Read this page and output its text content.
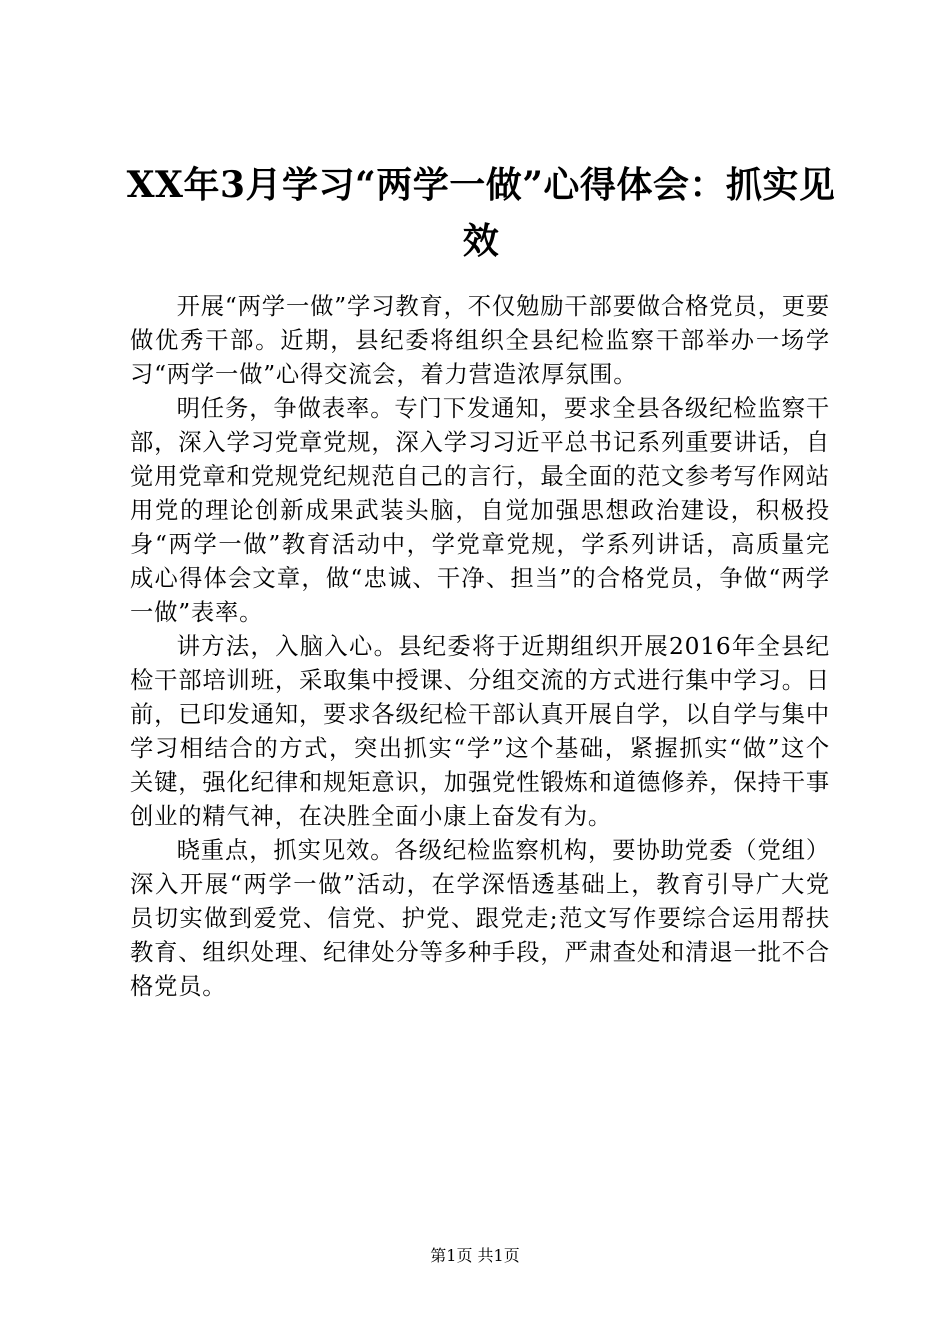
XX年3月学习“两学一做”心得体会：抓实见效

开展“两学一做”学习教育，不仅勉励干部要做合格党员，更要做优秀干部。近期，县纪委将组织全县纪检监察干部举办一场学习“两学一做”心得交流会，着力营造浓厚氛围。

明任务，争做表率。专门下发通知，要求全县各级纪检监察干部，深入学习党章党规，深入学习习近平总书记系列重要讲话，自觉用党章和党规党纪规范自己的言行，最全面的范文参考写作网站用党的理论创新成果武装头脑，自觉加强思想政治建设，积极投身“两学一做”教育活动中，学党章党规，学系列讲话，高质量完成心得体会文章，做“忠诚、干净、担当”的合格党员，争做“两学一做”表率。

讲方法，入脑入心。县纪委将于近期组织开展2016年全县纪检干部培训班，采取集中授课、分组交流的方式进行集中学习。日前，已印发通知，要求各级纪检干部认真开展自学，以自学与集中学习相结合的方式，突出抓实“学”这个基础，紧握抓实“做”这个关键，强化纪律和规矩意识，加强党性锻炼和道德修养，保持干事创业的精气神，在决胜全面小康上奋发有为。

晓重点，抓实见效。各级纪检监察机构，要协助党委（党组）深入开展“两学一做”活动，在学深悟透基础上，教育引导广大党员切实做到爱党、信党、护党、跟党走;范文写作要综合运用帮扶教育、组织处理、纪律处分等多种手段，严肃查处和清退一批不合格党员。

第1页 共1页
